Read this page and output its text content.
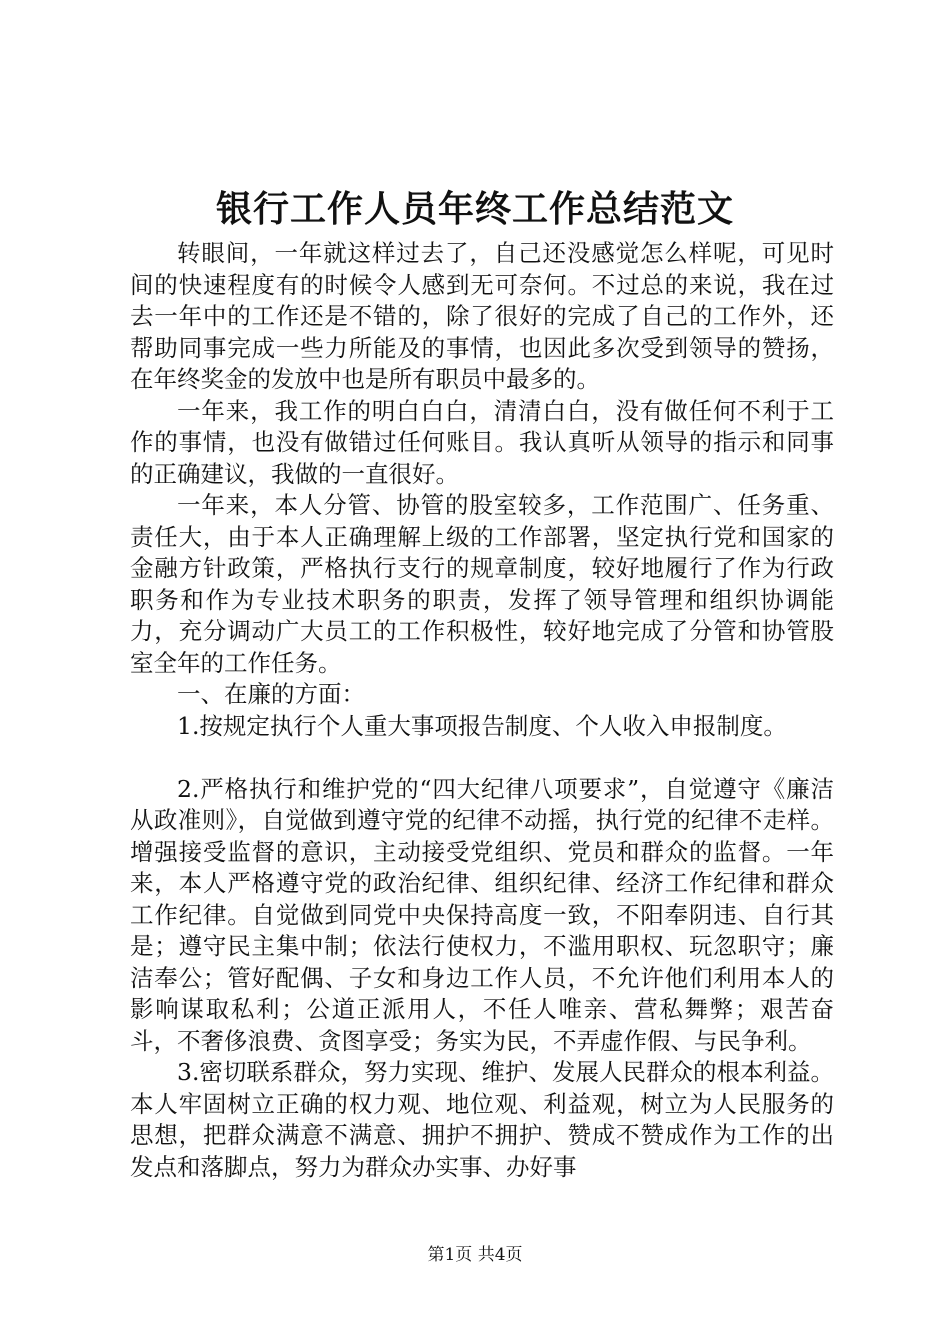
银行工作人员年终工作总结范文

转眼间，一年就这样过去了，自己还没感觉怎么样呢，可见时间的快速程度有的时候令人感到无可奈何。不过总的来说，我在过去一年中的工作还是不错的，除了很好的完成了自己的工作外，还帮助同事完成一些力所能及的事情，也因此多次受到领导的赞扬，在年终奖金的发放中也是所有职员中最多的。

一年来，我工作的明白白白，清清白白，没有做任何不利于工作的事情，也没有做错过任何账目。我认真听从领导的指示和同事的正确建议，我做的一直很好。

一年来，本人分管、协管的股室较多，工作范围广、任务重、责任大，由于本人正确理解上级的工作部署，坚定执行党和国家的金融方针政策，严格执行支行的规章制度，较好地履行了作为行政职务和作为专业技术职务的职责，发挥了领导管理和组织协调能力，充分调动广大员工的工作积极性，较好地完成了分管和协管股室全年的工作任务。

一、在廉的方面：

1.按规定执行个人重大事项报告制度、个人收入申报制度。

2.严格执行和维护党的“四大纪律八项要求”，自觉遵守《廉洁从政准则》，自觉做到遵守党的纪律不动摇，执行党的纪律不走样。增强接受监督的意识，主动接受党组织、党员和群众的监督。一年来，本人严格遵守党的政治纪律、组织纪律、经济工作纪律和群众工作纪律。自觉做到同党中央保持高度一致，不阳奉阴违、自行其是；遵守民主集中制；依法行使权力，不滥用职权、玩忽职守；廉洁奉公；管好配偶、子女和身边工作人员，不允许他们利用本人的影响谋取私利；公道正派用人，不任人唯亲、营私舞弊；艰苦奋斗，不奢侈浪费、贪图享受；务实为民，不弄虚作假、与民争利。

3.密切联系群众，努力实现、维护、发展人民群众的根本利益。本人牢固树立正确的权力观、地位观、利益观，树立为人民服务的思想，把群众满意不满意、拥护不拥护、赞成不赞成作为工作的出发点和落脚点，努力为群众办实事、办好事

第1页 共4页
